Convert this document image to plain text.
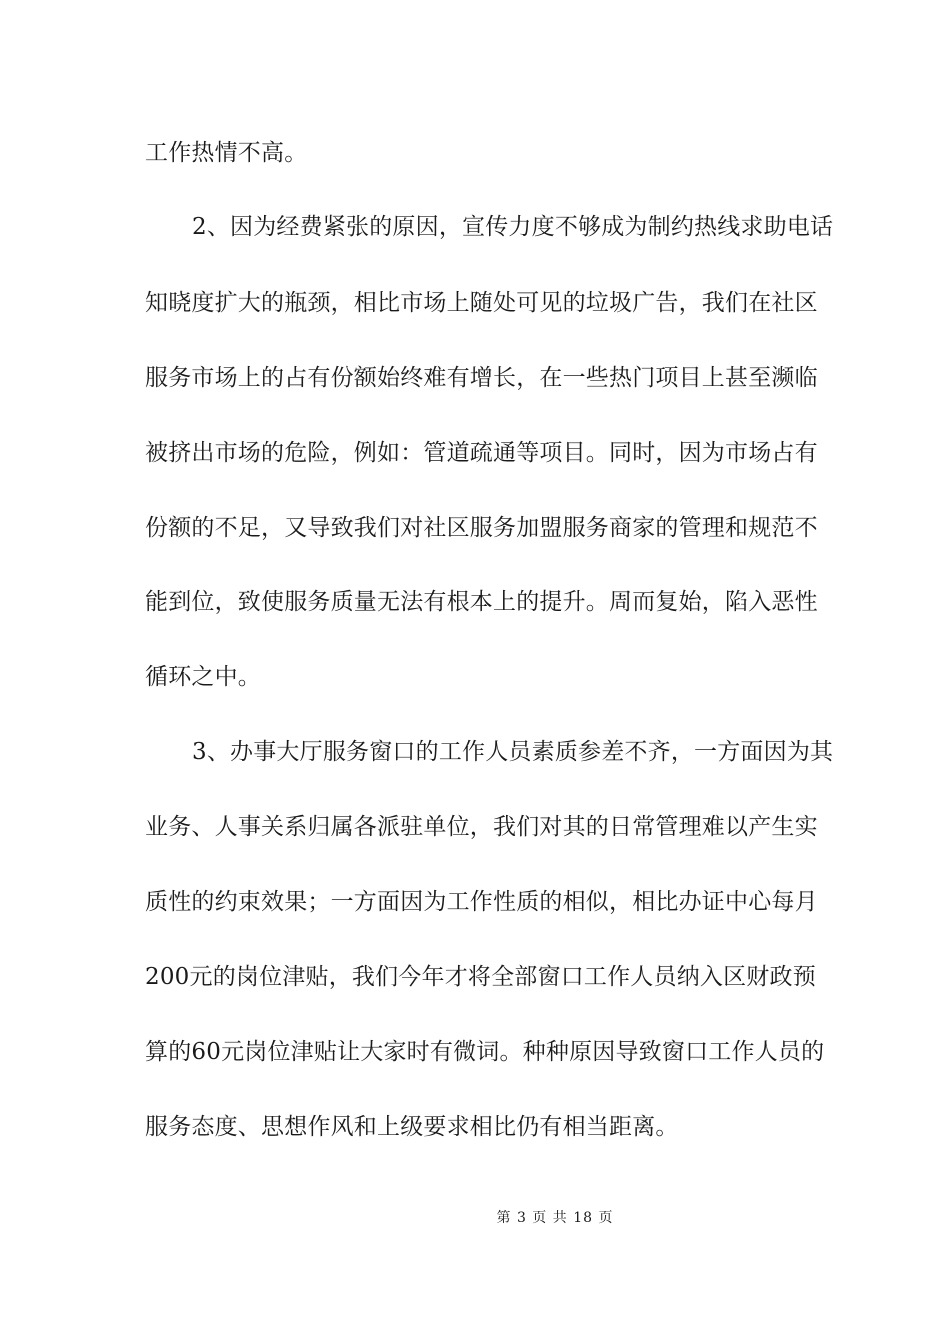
工作热情不高。
2、因为经费紧张的原因，宣传力度不够成为制约热线求助电话
知晓度扩大的瓶颈，相比市场上随处可见的垃圾广告，我们在社区
服务市场上的占有份额始终难有增长，在一些热门项目上甚至濒临
被挤出市场的危险，例如：管道疏通等项目。同时，因为市场占有
份额的不足，又导致我们对社区服务加盟服务商家的管理和规范不
能到位，致使服务质量无法有根本上的提升。周而复始，陷入恶性
循环之中。
3、办事大厅服务窗口的工作人员素质参差不齐，一方面因为其
业务、人事关系归属各派驻单位，我们对其的日常管理难以产生实
质性的约束效果；一方面因为工作性质的相似，相比办证中心每月
200元的岗位津贴，我们今年才将全部窗口工作人员纳入区财政预
算的60元岗位津贴让大家时有微词。种种原因导致窗口工作人员的
服务态度、思想作风和上级要求相比仍有相当距离。
第 3 页 共 18 页
